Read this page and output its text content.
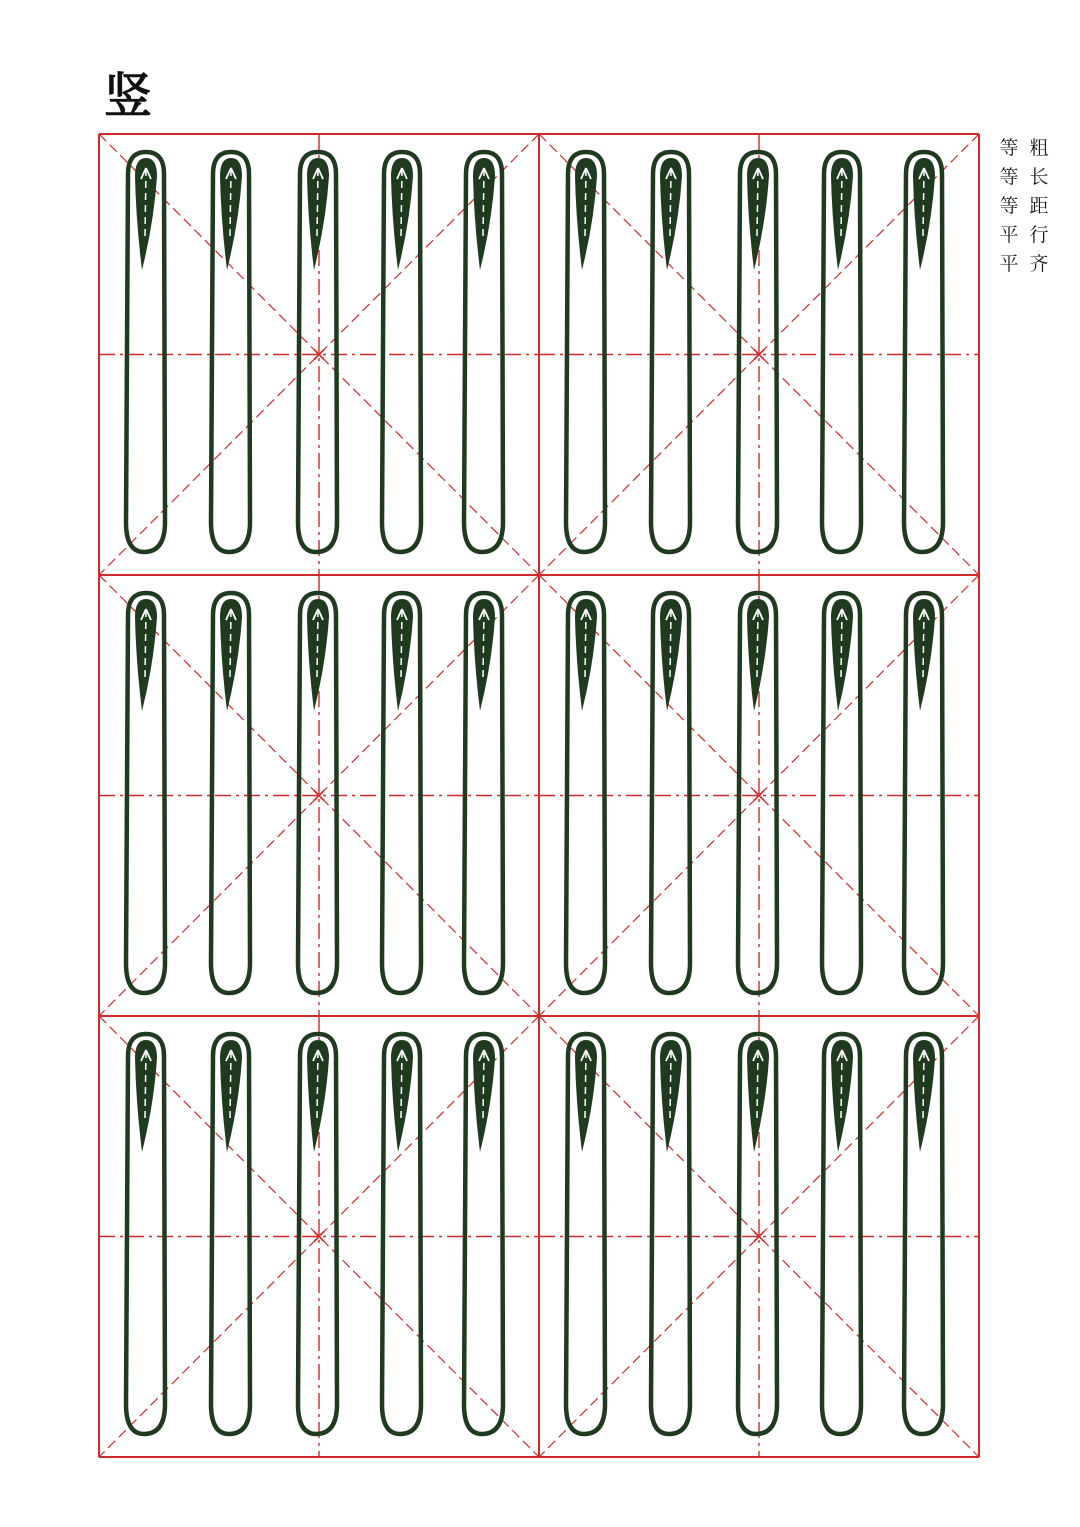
竖
粗
长
距
行
齐
等
等
等
平
平
